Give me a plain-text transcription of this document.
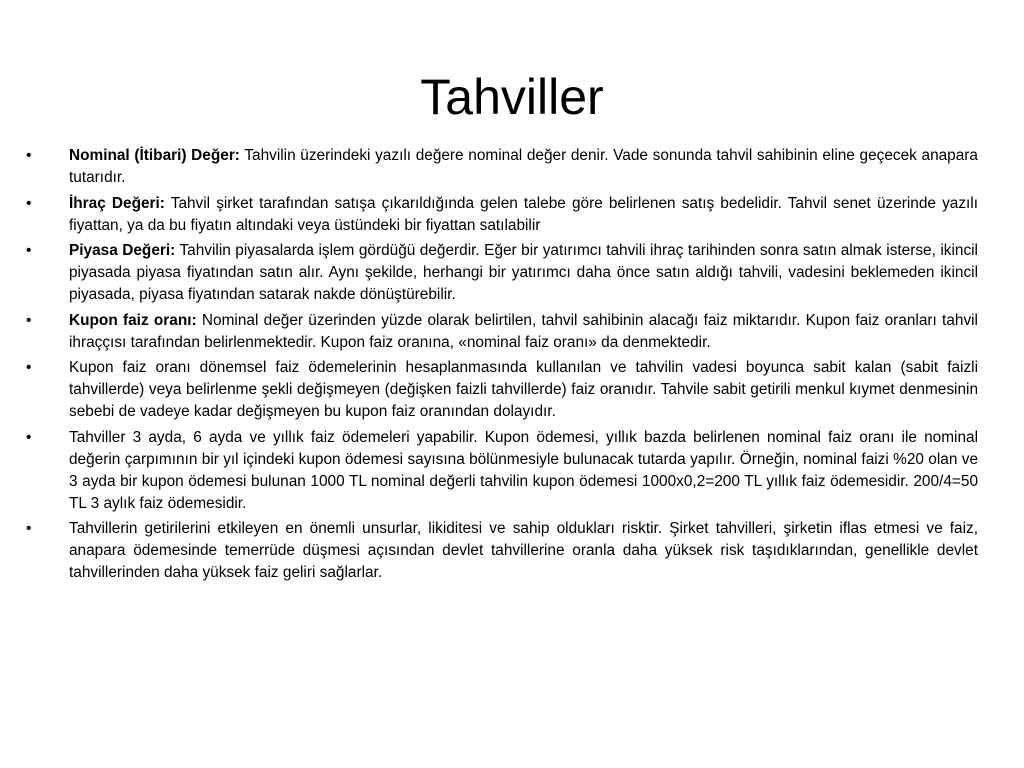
Tahviller
•	Nominal (İtibari) Değer: Tahvilin üzerindeki yazılı değere nominal değer denir. Vade sonunda tahvil sahibinin eline geçecek anapara tutarıdır.
•	İhraç Değeri: Tahvil şirket tarafından satışa çıkarıldığında gelen talebe göre belirlenen satış bedelidir. Tahvil senet üzerinde yazılı fiyattan, ya da bu fiyatın altındaki veya üstündeki bir fiyattan satılabilir
•	Piyasa Değeri: Tahvilin piyasalarda işlem gördüğü değerdir. Eğer bir yatırımcı tahvili ihraç tarihinden sonra satın almak isterse, ikincil piyasada piyasa fiyatından satın alır. Aynı şekilde, herhangi bir yatırımcı daha önce satın aldığı tahvili, vadesini beklemeden ikincil piyasada, piyasa fiyatından satarak nakde dönüştürebilir.
•	Kupon faiz oranı: Nominal değer üzerinden yüzde olarak belirtilen, tahvil sahibinin alacağı faiz miktarıdır. Kupon faiz oranları tahvil ihraççısı tarafından belirlenmektedir. Kupon faiz oranına, «nominal faiz oranı» da denmektedir.
•	Kupon faiz oranı dönemsel faiz ödemelerinin hesaplanmasında kullanılan ve tahvilin vadesi boyunca sabit kalan (sabit faizli tahvillerde) veya belirlenme şekli değişmeyen (değişken faizli tahvillerde) faiz oranıdır. Tahvile sabit getirili menkul kıymet denmesinin sebebi de vadeye kadar değişmeyen bu kupon faiz oranından dolayıdır.
•	Tahviller 3 ayda, 6 ayda ve yıllık faiz ödemeleri yapabilir. Kupon ödemesi, yıllık bazda belirlenen nominal faiz oranı ile nominal değerin çarpımının bir yıl içindeki kupon ödemesi sayısına bölünmesiyle bulunacak tutarda yapılır. Örneğin, nominal faizi %20 olan ve 3 ayda bir kupon ödemesi bulunan 1000 TL nominal değerli tahvilin kupon ödemesi 1000x0,2=200 TL yıllık faiz ödemesidir. 200/4=50 TL 3 aylık faiz ödemesidir.
•	Tahvillerin getirilerini etkileyen en önemli unsurlar, likiditesi ve sahip oldukları risktir. Şirket tahvilleri, şirketin iflas etmesi ve faiz, anapara ödemesinde temerrüde düşmesi açısından devlet tahvillerine oranla daha yüksek risk taşıdıklarından, genellikle devlet tahvillerinden daha yüksek faiz geliri sağlarlar.
